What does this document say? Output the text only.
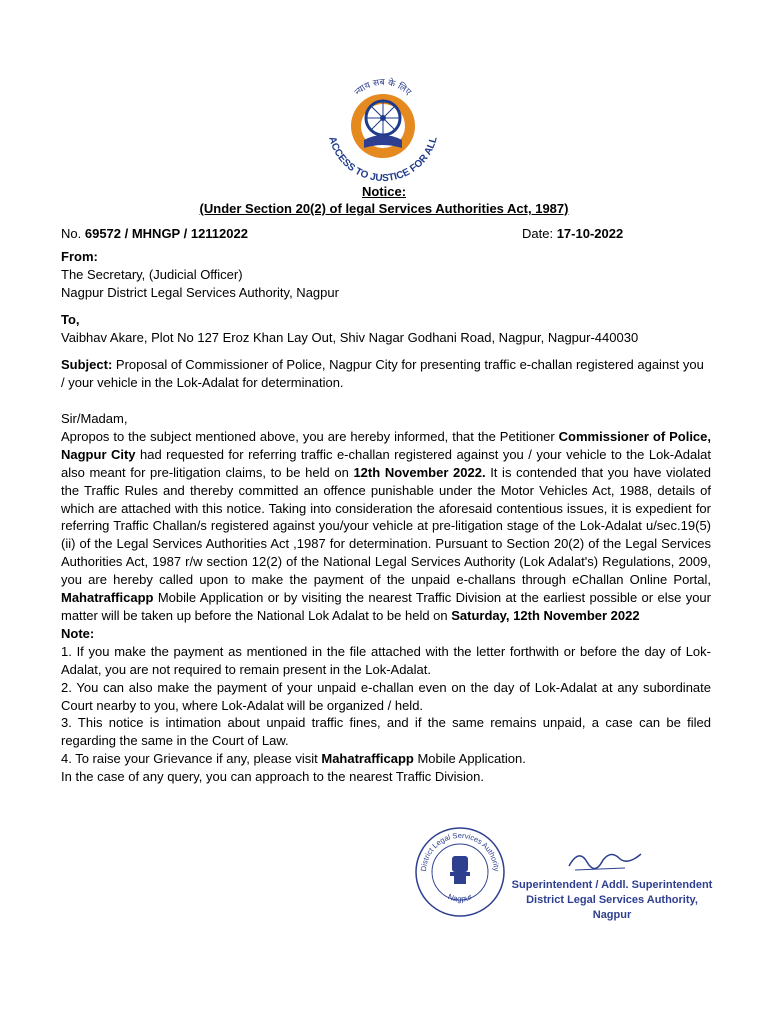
न्याय सब के लिए
ACCESS TO JUSTICE FOR ALL
Notice:
(Under Section 20(2) of legal Services Authorities Act, 1987)
No. 69572 / MHNGP / 12112022	Date: 17-10-2022
From:
The Secretary, (Judicial Officer)
Nagpur District Legal Services Authority, Nagpur
To,
Vaibhav Akare, Plot No 127 Eroz Khan Lay Out, Shiv Nagar Godhani Road, Nagpur, Nagpur-440030
Subject: Proposal of Commissioner of Police, Nagpur City for presenting traffic e-challan registered against you / your vehicle in the Lok-Adalat for determination.

Sir/Madam,

Apropos to the subject mentioned above, you are hereby informed, that the Petitioner Commissioner of Police, Nagpur City had requested for referring traffic e-challan registered against you / your vehicle to the Lok-Adalat also meant for pre-litigation claims, to be held on 12th November 2022. It is contended that you have violated the Traffic Rules and thereby committed an offence punishable under the Motor Vehicles Act, 1988, details of which are attached with this notice. Taking into consideration the aforesaid contentious issues, it is expedient for referring Traffic Challan/s registered against you/your vehicle at pre-litigation stage of the Lok-Adalat u/sec.19(5) (ii) of the Legal Services Authorities Act ,1987 for determination. Pursuant to Section 20(2) of the Legal Services Authorities Act, 1987 r/w section 12(2) of the National Legal Services Authority (Lok Adalat's) Regulations, 2009, you are hereby called upon to make the payment of the unpaid e-challans through eChallan Online Portal, Mahatrafficapp Mobile Application or by visiting the nearest Traffic Division at the earliest possible or else your matter will be taken up before the National Lok Adalat to be held on Saturday, 12th November 2022

Note:

1. If you make the payment as mentioned in the file attached with the letter forthwith or before the day of Lok-Adalat, you are not required to remain present in the Lok-Adalat.

2. You can also make the payment of your unpaid e-challan even on the day of Lok-Adalat at any subordinate Court nearby to you, where Lok-Adalat will be organized / held.

3. This notice is intimation about unpaid traffic fines, and if the same remains unpaid, a case can be filed regarding the same in the Court of Law.

4. To raise your Grievance if any, please visit Mahatrafficapp Mobile Application.

In the case of any query, you can approach to the nearest Traffic Division.

District Legal Services Authority
Nagpur
Superintendent / Addl. Superintendent
District Legal Services Authority,
Nagpur
